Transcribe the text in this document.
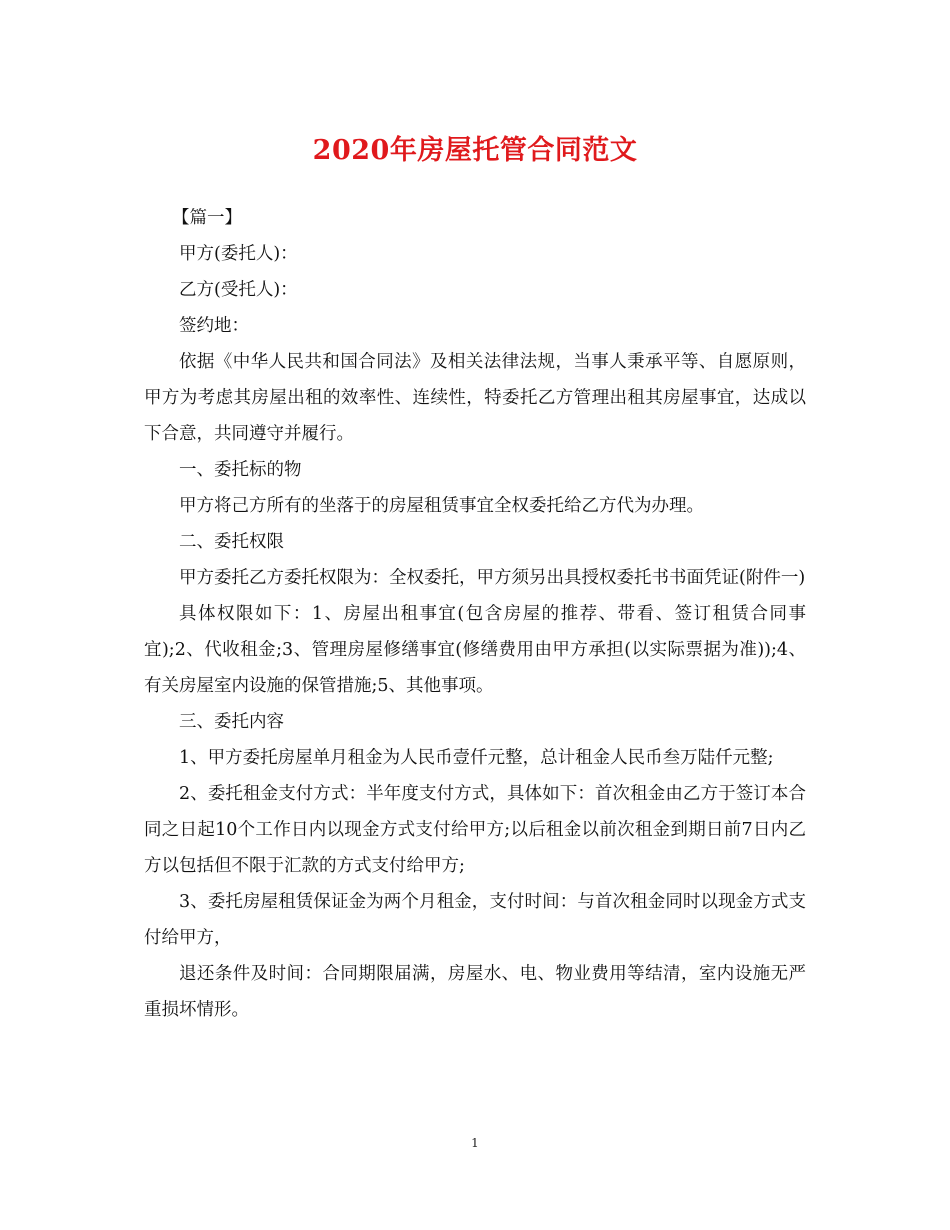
2020年房屋托管合同范文

【篇一】

甲方(委托人)：

乙方(受托人)：

签约地：

依据《中华人民共和国合同法》及相关法律法规，当事人秉承平等、自愿原则，甲方为考虑其房屋出租的效率性、连续性，特委托乙方管理出租其房屋事宜，达成以下合意，共同遵守并履行。

一、委托标的物

甲方将己方所有的坐落于的房屋租赁事宜全权委托给乙方代为办理。

二、委托权限

甲方委托乙方委托权限为：全权委托，甲方须另出具授权委托书书面凭证(附件一)

具体权限如下：1、房屋出租事宜(包含房屋的推荐、带看、签订租赁合同事宜);2、代收租金;3、管理房屋修缮事宜(修缮费用由甲方承担(以实际票据为准));4、有关房屋室内设施的保管措施;5、其他事项。

三、委托内容

1、甲方委托房屋单月租金为人民币壹仟元整，总计租金人民币叁万陆仟元整;

2、委托租金支付方式：半年度支付方式，具体如下：首次租金由乙方于签订本合同之日起10个工作日内以现金方式支付给甲方;以后租金以前次租金到期日前7日内乙方以包括但不限于汇款的方式支付给甲方;

3、委托房屋租赁保证金为两个月租金，支付时间：与首次租金同时以现金方式支付给甲方，

退还条件及时间：合同期限届满，房屋水、电、物业费用等结清，室内设施无严重损坏情形。

1
